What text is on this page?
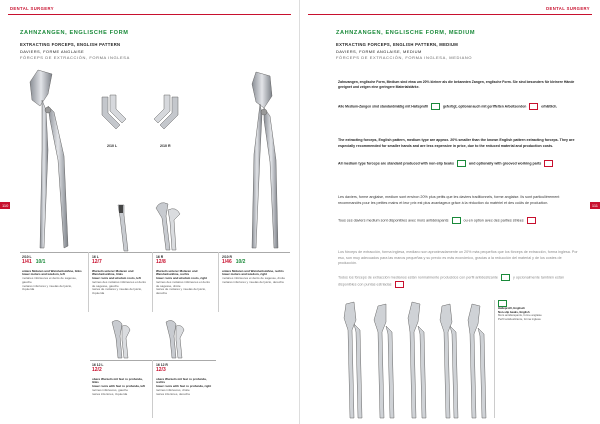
DENTAL SURGERY
110
ZAHNZANGEN, ENGLISCHE FORM
EXTRACTING FORCEPS, ENGLISH PATTERN
DAVIERS, FORME ANGLAISE
FÓRCEPS DE EXTRACCIÓN, FORMA INGLESA
2/10 L	2/10 R
2/10 L
1/41 10/1
untere Molaren und Weisheitszähne, links
lower molars and wisdom, left
molaires inférieures et dents de sagesse, gauche
molares inferiores y muelas del juicio, izquierda
16 L
12/7
Wurzeln unterer Molaren und Weisheitszähne, links
lower roots and wisdom roots, left
racines des molaires inférieures et dents de sagesse, gauche
raíces de molares y muelas del juicio, izquierda
16 R
12/8
Wurzeln unterer Molaren und Weisheitszähne, rechts
lower roots and wisdom roots, right
racines des molaires inférieures et dents de sagesse, droite
raíces de molares y muelas del juicio, derecha
2/10 R
1/46 10/2
untere Molaren und Weisheitszähne, rechts
lower molars and wisdom, right
molaires inférieures et dents de sagesse, droite
molares inferiores y muelas del juicio, derecha
16 12 L
12/2
obere Wurzeln mit fast ro profunda, links
lower roots with fast ro profunda, left
racines inférieures, gauche
raíces inferiores, izquierda
16 12 R
12/3
obere Wurzeln mit fast ro profunda, rechts
lower roots with fast ro profunda, right
racines inférieures, droite
raíces inferiores, derecha
DENTAL SURGERY
111
ZAHNZANGEN, ENGLISCHE FORM, MEDIUM
EXTRACTING FORCEPS, ENGLISH PATTERN, MEDIUM
DAVIERS, FORME ANGLAISE, MEDIUM
FÓRCEPS DE EXTRACCIÓN, FORMA INGLESA, MEDIANO
Zahnzangen, englische Form, Medium sind etwa um 20% kleiner als die bekannten Zangen, englische Form. Sie sind besonders für kleinere Hände geeignet und zeigen eine geringere Materialstärke.
Alle Medium-Zangen sind standardmäßig mit Halteprofil	gefertigt, optional auch mit geriffelten Arbeitsenden	erhältlich.
The extracting forceps, English pattern, medium type are approx. 20% smaller than the known English pattern extracting forceps. They are especially recommended for smaller hands and are less expensive in price, due to the reduced material and production costs.
All medium type forceps are standard produced with non-slip beaks	and optionally with grooved working parts
Les daviers, forme anglaise, medium sont environ 20% plus petits que les daviers traditionnels, forme anglaise. Ils sont particulièrement recommandés pour les petites mains et leur prix est plus avantageux grâce à la réduction du matériel et des coûts de production.
Tous ces daviers medium sont disponibles avec mors antidérapants	ou en option avec des parties striées
Los fórceps de extracción, forma inglesa, mediano son aproximadamente un 20% más pequeños que los fórceps de extracción, forma inglesa. Por eso, son muy adecuados para las manos pequeñas y su precio es más económico, gracias a la reducción del material y de los costes de producción.
Todos los fórceps de extracción medianos están normalmente producidos con perfil antideslizante	y opcionalmente también están disponibles con puntas estriadas
Halteprofil, Englisch
Non-slip beaks, English
Mors antidérapants, forme anglaise
Perfil antideslizante, forma inglesa
